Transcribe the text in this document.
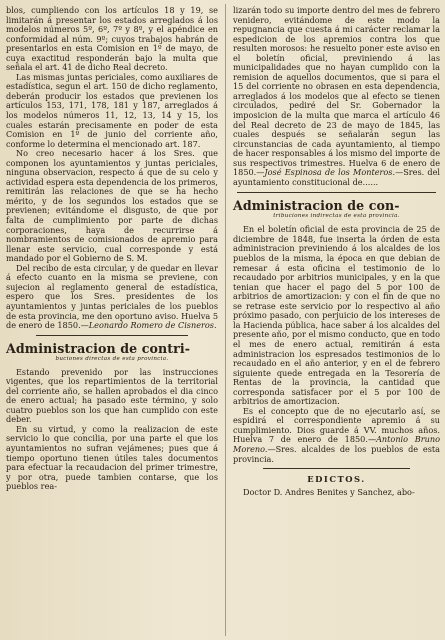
blos, cumpliendo con los artículos 18 y 19, se limitarán á presentar los estados arreglados á los modelos números 5º, 6º, 7º y 8º, y el apéndice en conformidad al núm. 9º; cuyos trabajos habrán de presentarlos en esta Comision en 1º de mayo, de cuya exactitud responderán bajo la multa que señala el art. 41 de dicho Real decreto.

Las mismas juntas periciales, como auxiliares de estadística, segun el art. 150 de dicho reglamento, deberán producir los estados que previenen los artículos 153, 171, 178, 181 y 187, arreglados á los modelos números 11, 12, 13, 14 y 15, los cuales estarán precisamente en poder de esta Comision en 1º de junio del corriente año, conforme lo determina el mencionado art. 187.

No creo necesario hacer á los Sres. que componen los ayuntamientos y juntas periciales, ninguna observacion, respecto á que de su celo y actividad espera esta dependencia de los primeros, remitirán las relaciones de que se ha hecho mérito, y de los segundos los estados que se previenen; evitándome el disgusto, de que por falta de cumplimiento por parte de dichas corporaciones, haya de recurrirse á nombramientos de comisionados de apremio para llenar este servicio, cual corresponde y está mandado por el Gobierno de S. M.

Del recibo de esta circular, y de quedar en llevar á efecto cuanto en la misma se previene, con sujecion al reglamento general de estadística, espero que los Sres. presidentes de los ayuntamientos y juntas periciales de los pueblos de esta provincia, me den oportuno aviso. Huelva 5 de enero de 1850.—Leonardo Romero de Cisneros.

Administracion de contri-
buciones directas de esta provincia.

Estando prevenido por las instrucciones vigentes, que los repartimientos de la territorial del corriente año, se hallen aprobados el dia cinco de enero actual; ha pasado este término, y solo cuatro pueblos son los que han cumplido con este deber.

En su virtud, y como la realizacion de este servicio lo que concilia, por una parte el que los ayuntamientos no sufran vejámenes; pues que á tiempo oportuno tienen útiles tales documentos para efectuar la recaudacion del primer trimestre, y por otra, puede tambien contarse, que los pueblos rea-

lizarán todo su importe dentro del mes de febrero venidero, evitándome de este modo la repugnancia que cuesta á mi carácter reclamar la espedicion de los apremios contra los que resulten morosos: he resuelto poner este aviso en el boletín oficial, previniendo á las municipalidades que no hayan cumplido con la remision de aquellos documentos, que si para el 15 del corriente no obrasen en esta dependencia, arreglados á los modelos que al efecto se tienen circulados, pediré del Sr. Gobernador la imposicion de la multa que marca el artículo 46 del Real decreto de 23 de mayo de 1845, las cuales después se señalarán segun las circunstancias de cada ayuntamiento, al tiempo de hacer responsables á los mismo del importe de sus respectivos trimestres. Huelva 6 de enero de 1850.—José Espinosa de los Monteros.—Sres. del ayuntamiento constitucional de......

Administracion de con-
tribuciones indirectas de esta provincia.

En el boletín oficial de esta provincia de 25 de diciembre de 1848, fue inserta la órden de esta administracion previniendo á los alcaldes de los pueblos de la misma, la época en que debian de remesar á esta oficina el testimonio de lo recaudado por arbitrios municipales, y en la que tenian que hacer el pago del 5 por 100 de arbitrios de amortizacion: y con el fin de que no se retrase este servicio por lo respectivo al año próximo pasado, con perjuicio de los intereses de la Hacienda pública, hace saber á los alcaldes del presente año, por el mismo conducto, que en todo el mes de enero actual, remitirán á esta administracion los espresados testimonios de lo recaudado en el año anterior, y en el de febrero siguiente quede entregada en la Tesorería de Rentas de la provincia, la cantidad que corresponda satisfacer por el 5 por 100 de arbitrios de amortizacion.

Es el concepto que de no ejecutarlo así, se espidirá el correspondiente apremio á su cumplimiento. Dios guarde á VV. muchos años. Huelva 7 de enero de 1850.—Antonio Bruno Moreno.—Sres. alcaldes de los pueblos de esta provincia.

EDICTOS.

Doctor D. Andres Benites y Sanchez, abo-
